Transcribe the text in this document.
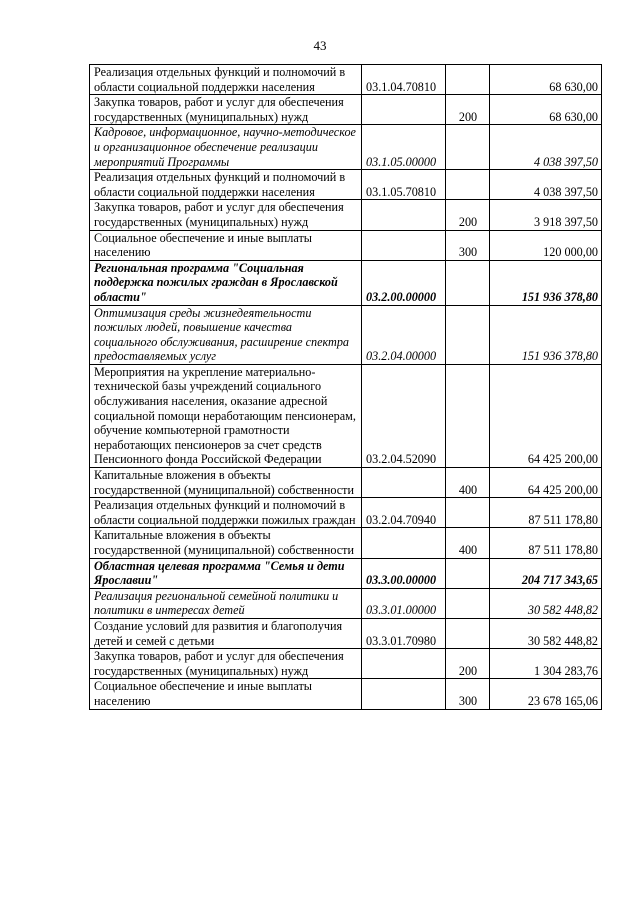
43
Реализация отдельных функций и полномочий в области социальной поддержки населения	03.1.04.70810		68 630,00
Закупка товаров, работ и услуг для обеспечения государственных (муниципальных) нужд		200	68 630,00
Кадровое, информационное, научно-методическое и организационное обеспечение реализации мероприятий Программы	03.1.05.00000		4 038 397,50
Реализация отдельных функций и полномочий в области социальной поддержки населения	03.1.05.70810		4 038 397,50
Закупка товаров, работ и услуг для обеспечения государственных (муниципальных) нужд		200	3 918 397,50
Социальное обеспечение и иные выплаты населению		300	120 000,00
Региональная программа "Социальная поддержка пожилых граждан в Ярославской области"	03.2.00.00000		151 936 378,80
Оптимизация среды жизнедеятельности пожилых людей, повышение качества социального обслуживания, расширение спектра предоставляемых услуг	03.2.04.00000		151 936 378,80
Мероприятия на укрепление материально-технической базы учреждений социального обслуживания населения, оказание адресной социальной помощи неработающим пенсионерам, обучение компьютерной грамотности неработающих пенсионеров за счет средств Пенсионного фонда Российской Федерации	03.2.04.52090		64 425 200,00
Капитальные вложения в объекты государственной (муниципальной) собственности		400	64 425 200,00
Реализация отдельных функций и полномочий в области социальной поддержки пожилых граждан	03.2.04.70940		87 511 178,80
Капитальные вложения в объекты государственной (муниципальной) собственности		400	87 511 178,80
Областная целевая программа "Семья и дети Ярославии"	03.3.00.00000		204 717 343,65
Реализация региональной семейной политики и политики в интересах детей	03.3.01.00000		30 582 448,82
Создание условий для развития и благополучия детей и семей с детьми	03.3.01.70980		30 582 448,82
Закупка товаров, работ и услуг для обеспечения государственных (муниципальных) нужд		200	1 304 283,76
Социальное обеспечение и иные выплаты населению		300	23 678 165,06
